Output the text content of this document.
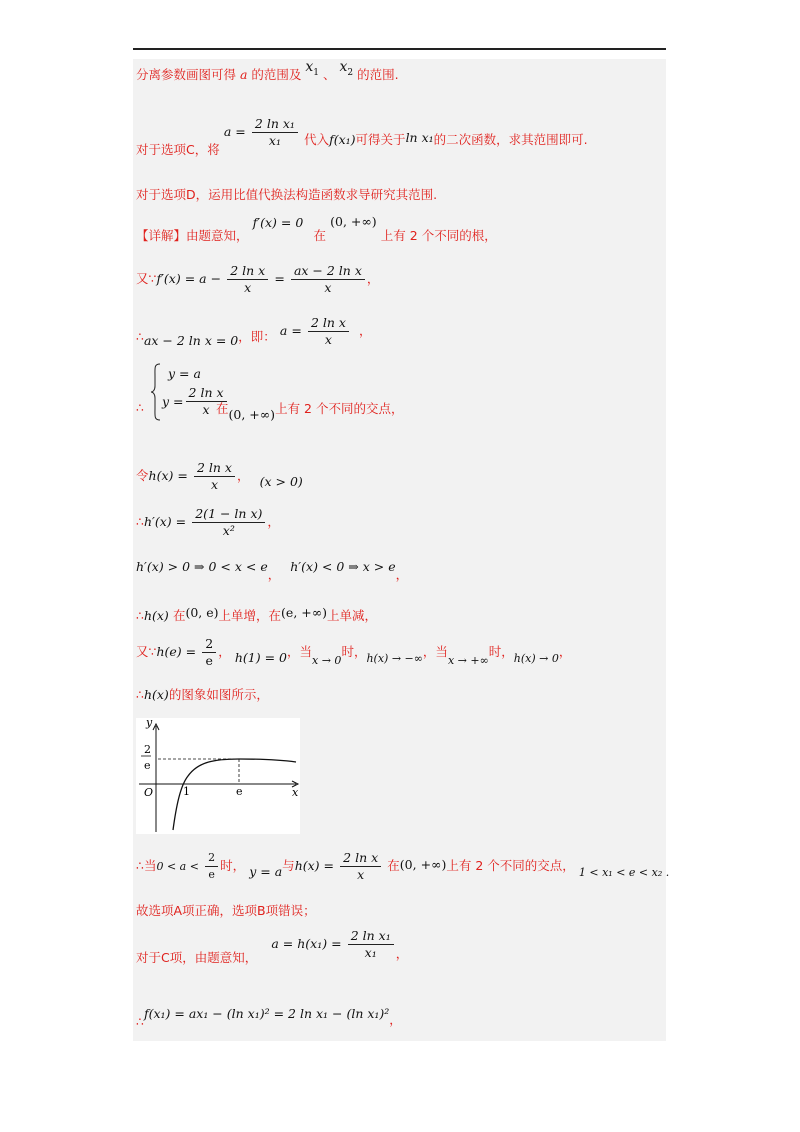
分离参数画图可得 a 的范围及 $x^1$ 、 $x^2$ 的范围.
对于选项C，将 $a = \frac{\text{2 ln x₁}}{\text{x₁}}$ 代入f(x₁)可得关于ln x₁的二次函数，求其范围即可.
对于选项D，运用比值代换法构造函数求导研究其范围.
【详解】由题意知， f′(x) = 0 在 (0, +∞) 上有 2 个不同的根，
又∵f′(x) = $a - \frac{\text{2 ln x}}{x} = \frac{\text{ax − 2 ln x}}{x}$ ，
∴ax − 2 ln x = 0，即： $a = \frac{\text{2 ln x}}{x}$ ，
∴
y = a
$y = \frac{\text{2 ln x}}{x}$
在$_{(0, +\infty)}$上有 2 个不同的交点，
令$h(x) = \frac{\text{2 ln x}}{x}$ ， (x > 0)
∴h′(x) = $\frac{\text{2(1 − ln x)}}{\text{x²}}$ ，
h′(x) > 0 ⇒ 0 < x < e，h′(x) < 0 ⇒ x > e，
∴h(x) 在(0, e)上单增，在(e, +∞)上单减，
又∵h(e) = $\frac{2}{e}$ ， h(1) = 0，当$_{x \to 0}$时，$_{h(x) \to -\infty}$，当$_{x \to +\infty}$时，$_{h(x) \to 0}$，
∴h(x)的图象如图所示，
y
2
e
O	1	e	x
∴当$0 < a < \frac{2}{e}$ 时， y = a与$h(x) = \frac{\text{2 ln x}}{x}$ 在(0, +∞)上有 2 个不同的交点， $_{1 < x_1 < e < x_2 .}$
故选项A项正确，选项B项错误；
对于C项，由题意知， $a = h(x_1) = \frac{\text{2 ln x₁}}{\text{x₁}}$ ，
∴f(x₁) = ax₁ − (ln x₁)² = 2 ln x₁ − (ln x₁)²，
